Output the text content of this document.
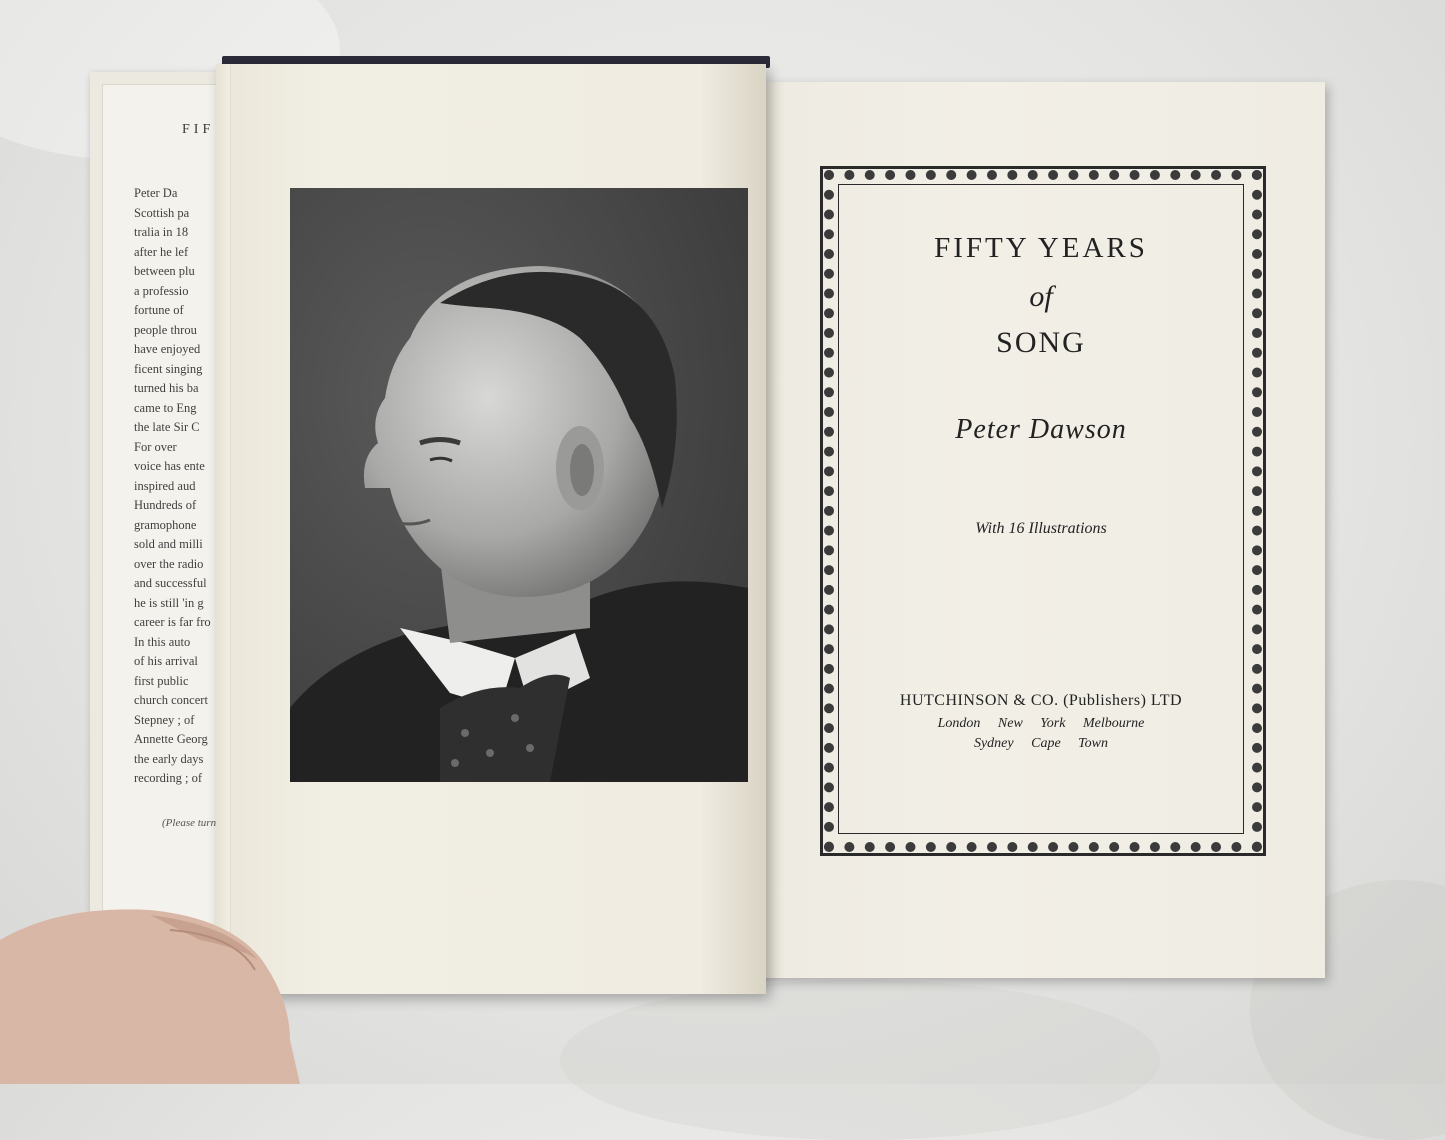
FIF
Peter Da
Scottish pa
tralia in 18
after he lef
between plu
a professio
fortune of
people throu
have enjoyed
ficent singing
turned his ba
came to Eng
the late Sir C
For over
voice has ente
inspired aud
Hundreds of
gramophone
sold and milli
over the radio
and successful
he is still 'in g
career is far fro
In this auto
of his arrival
first public
church concert
Stepney ; of
Annette Georg
the early days
recording ; of
(Please turn
FIFTY YEARS
of
SONG
Peter Dawson
With 16 Illustrations
HUTCHINSON & CO. (Publishers) LTD
London New York Melbourne
Sydney Cape Town
The Author
